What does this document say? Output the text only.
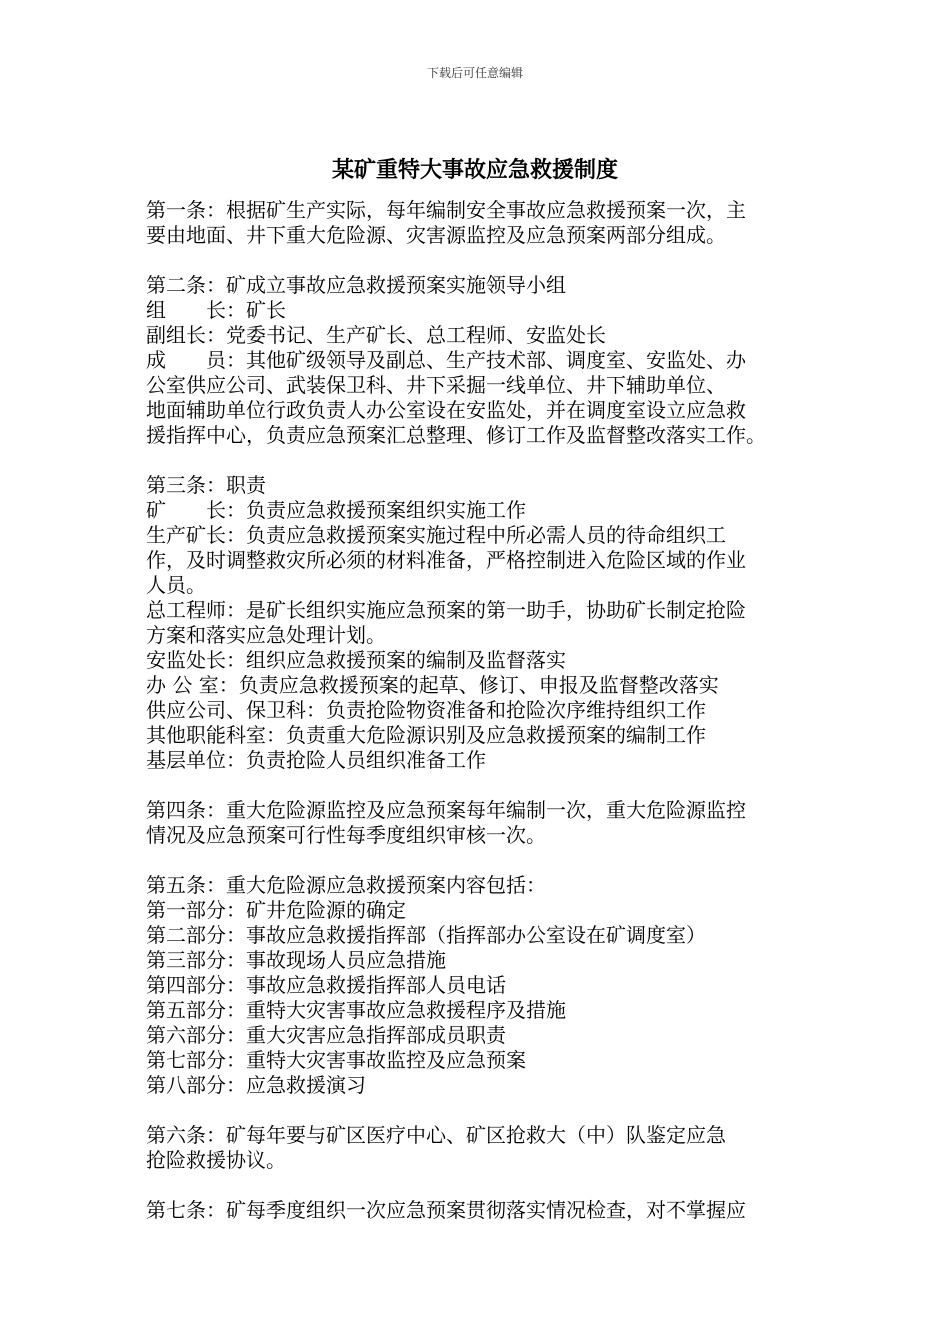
下载后可任意编辑
某矿重特大事故应急救援制度

第一条：根据矿生产实际，每年编制安全事故应急救援预案一次，主
要由地面、井下重大危险源、灾害源监控及应急预案两部分组成。

第二条：矿成立事故应急救援预案实施领导小组

组　　长：矿长

副组长：党委书记、生产矿长、总工程师、安监处长

成　　员：其他矿级领导及副总、生产技术部、调度室、安监处、办
公室供应公司、武装保卫科、井下采掘一线单位、井下辅助单位、
地面辅助单位行政负责人办公室设在安监处，并在调度室设立应急救
援指挥中心，负责应急预案汇总整理、修订工作及监督整改落实工作。

第三条：职责

矿　　长：负责应急救援预案组织实施工作

生产矿长：负责应急救援预案实施过程中所必需人员的待命组织工
作，及时调整救灾所必须的材料准备，严格控制进入危险区域的作业
人员。

总工程师：是矿长组织实施应急预案的第一助手，协助矿长制定抢险
方案和落实应急处理计划。

安监处长：组织应急救援预案的编制及监督落实

办 公 室：负责应急救援预案的起草、修订、申报及监督整改落实

供应公司、保卫科：负责抢险物资准备和抢险次序维持组织工作

其他职能科室：负责重大危险源识别及应急救援预案的编制工作

基层单位：负责抢险人员组织准备工作

第四条：重大危险源监控及应急预案每年编制一次，重大危险源监控
情况及应急预案可行性每季度组织审核一次。

第五条：重大危险源应急救援预案内容包括：

第一部分：矿井危险源的确定

第二部分：事故应急救援指挥部（指挥部办公室设在矿调度室）

第三部分：事故现场人员应急措施

第四部分：事故应急救援指挥部人员电话

第五部分：重特大灾害事故应急救援程序及措施

第六部分：重大灾害应急指挥部成员职责

第七部分：重特大灾害事故监控及应急预案

第八部分：应急救援演习

第六条：矿每年要与矿区医疗中心、矿区抢救大（中）队鉴定应急
抢险救援协议。

第七条：矿每季度组织一次应急预案贯彻落实情况检查，对不掌握应
